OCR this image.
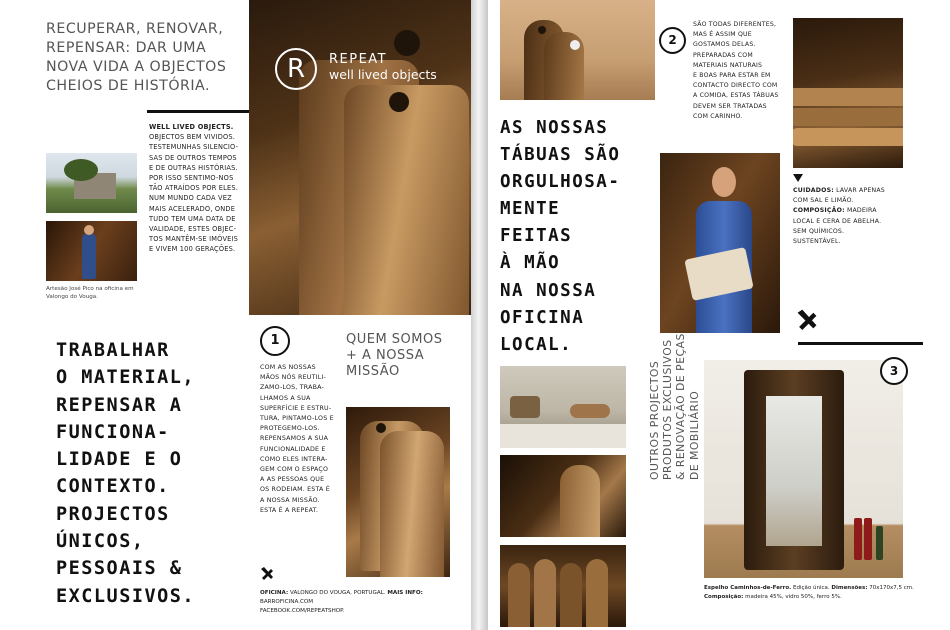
RECUPERAR, RENOVAR,
REPENSAR: DAR UMA
NOVA VIDA A OBJECTOS
CHEIOS DE HISTÓRIA.
R	REPEAT
well lived objects
WELL LIVED OBJECTS.
OBJECTOS BEM VIVIDOS.
TESTEMUNHAS SILENCIO-
SAS DE OUTROS TEMPOS
E DE OUTRAS HISTÓRIAS.
POR ISSO SENTIMO-NOS
TÃO ATRAÍDOS POR ELES.
NUM MUNDO CADA VEZ
MAIS ACELERADO, ONDE
TUDO TEM UMA DATA DE
VALIDADE, ESTES OBJEC-
TOS MANTÊM-SE IMÓVEIS
E VIVEM 100 GERAÇÕES.
Artesão José Pico na oficina em
Valongo do Vouga.
TRABALHAR
O MATERIAL,
REPENSAR A
FUNCIONA-
LIDADE E O
CONTEXTO.
PROJECTOS
ÚNICOS,
PESSOAIS &
EXCLUSIVOS.
1	QUEM SOMOS
+ A NOSSA
MISSÃO
COM AS NOSSAS
MÃOS NÓS REUTILI-
ZAMO-LOS, TRABA-
LHAMOS A SUA
SUPERFÍCIE E ESTRU-
TURA, PINTAMO-LOS E
PROTEGEMO-LOS.
REPENSAMOS A SUA
FUNCIONALIDADE E
COMO ELES INTERA-
GEM COM O ESPAÇO
A AS PESSOAS QUE
OS RODEIAM. ESTA É
A NOSSA MISSÃO.
ESTA É A REPEAT.
OFICINA: VALONGO DO VOUGA, PORTUGAL. MAIS INFO: BARROFICINA.COM
FACEBOOK.COM/REPEATSHOP.
AS NOSSAS
TÁBUAS SÃO
ORGULHOSA-
MENTE
FEITAS
À MÃO
NA NOSSA
OFICINA
LOCAL.
2
SÃO TODAS DIFERENTES,
MAS É ASSIM QUE
GOSTAMOS DELAS.
PREPARADAS COM
MATERIAIS NATURAIS
E BOAS PARA ESTAR EM
CONTACTO DIRECTO COM
A COMIDA, ESTAS TÁBUAS
DEVEM SER TRATADAS
COM CARINHO.
CUIDADOS: LAVAR APENAS
COM SAL E LIMÃO.
COMPOSIÇÃO: MADEIRA
LOCAL E CERA DE ABELHA.
SEM QUÍMICOS.
SUSTENTÁVEL.
OUTROS PROJECTOS PRODUTOS EXCLUSIVOS & RENOVAÇÃO DE PEÇAS DE MOBILIÁRIO
3
Espelho Caminhos-de-Ferro. Edição única. Dimensões: 70x170x7,5 cm.
Composição: madeira 45%, vidro 50%, ferro 5%.
